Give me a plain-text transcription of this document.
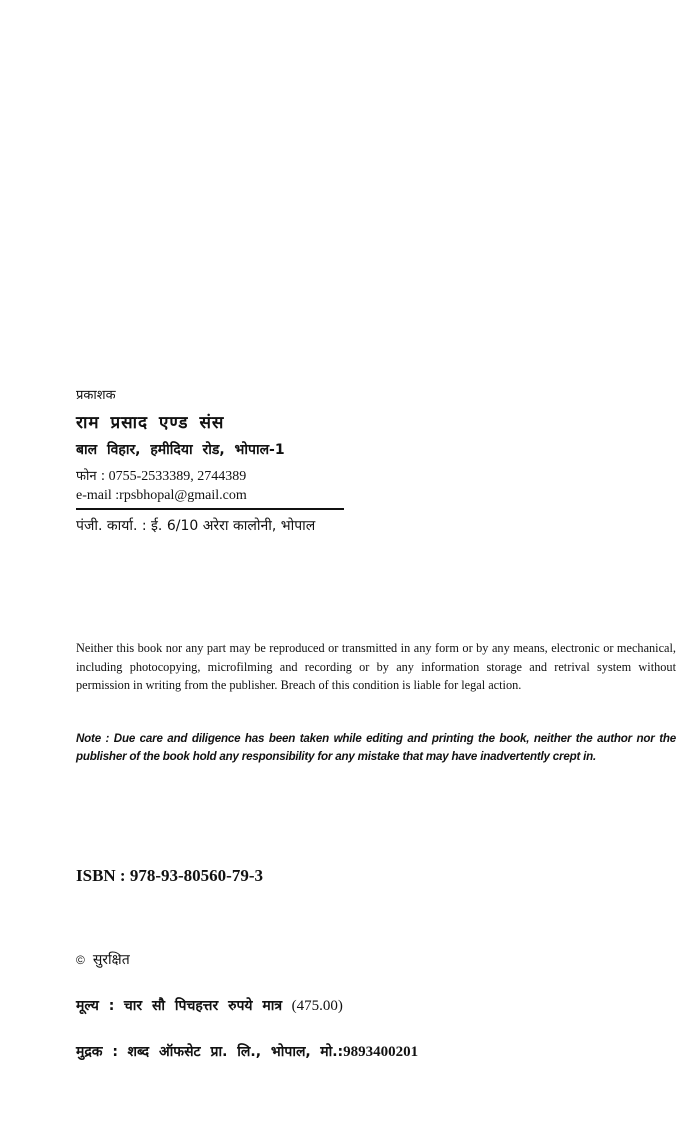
प्रकाशक
राम प्रसाद एण्ड संस
बाल विहार, हमीदिया रोड, भोपाल-1
फोन : 0755-2533389, 2744389
e-mail :rpsbhopal@gmail.com
पंजी. कार्या. : ई. 6/10 अरेरा कालोनी, भोपाल
Neither this book nor any part may be reproduced or transmitted in any form or by any means, electronic or mechanical, including photocopying, microfilming and recording or by any information storage and retrival system without permission in writing from the publisher. Breach of this condition is liable for legal action.
Note : Due care and diligence has been taken while editing and printing the book, neither the author nor the publisher of the book hold any responsibility for any mistake that may have inadvertently crept in.
ISBN : 978-93-80560-79-3
© सुरक्षित
मूल्य : चार सौ पिचहत्तर रुपये मात्र (475.00)
मुद्रक : शब्द ऑफसेट प्रा. लि., भोपाल, मो.:9893400201
